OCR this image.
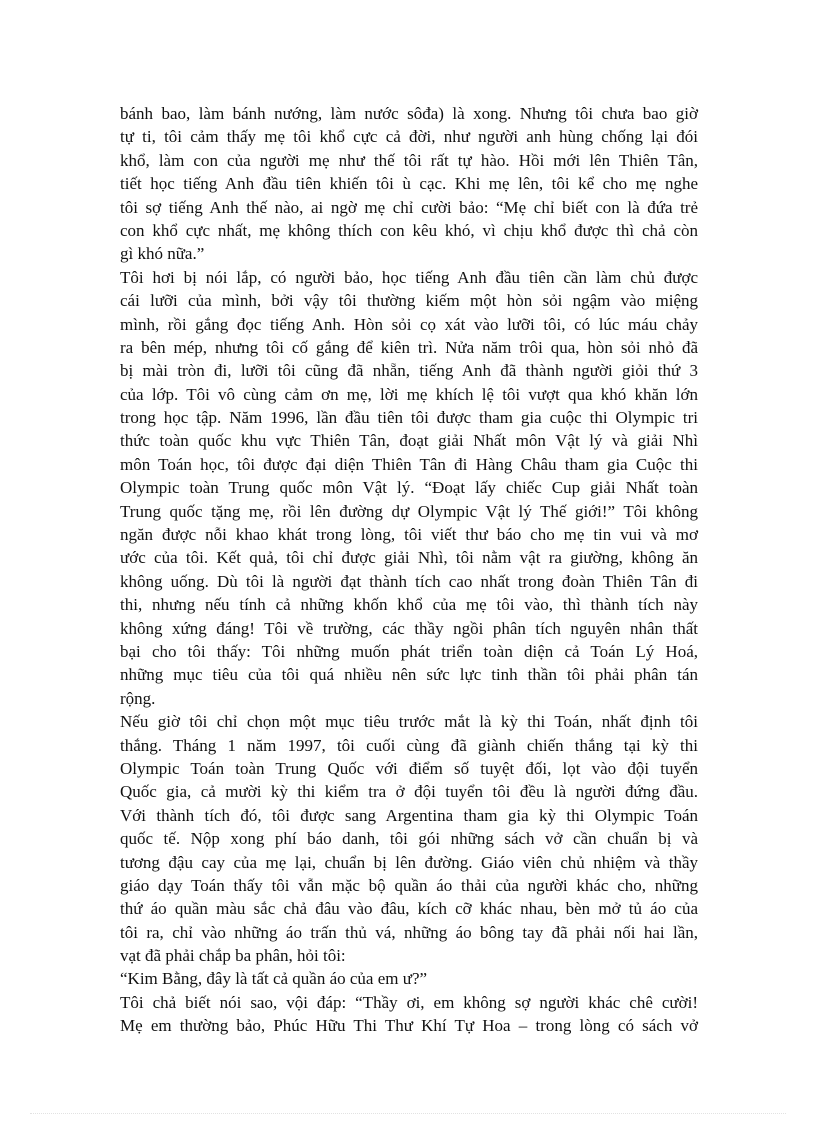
bánh bao, làm bánh nướng, làm nước sôđa) là xong. Nhưng tôi chưa bao giờ
tự ti, tôi cảm thấy mẹ tôi khổ cực cả đời, như người anh hùng chống lại đói
khổ, làm con của người mẹ như thế tôi rất tự hào. Hồi mới lên Thiên Tân,
tiết học tiếng Anh đầu tiên khiến tôi ù cạc. Khi mẹ lên, tôi kể cho mẹ nghe
tôi sợ tiếng Anh thế nào, ai ngờ mẹ chỉ cười bảo: “Mẹ chỉ biết con là đứa trẻ
con khổ cực nhất, mẹ không thích con kêu khó, vì chịu khổ được thì chả còn
gì khó nữa.”
Tôi hơi bị nói lắp, có người bảo, học tiếng Anh đầu tiên cần làm chủ được
cái lưỡi của mình, bởi vậy tôi thường kiếm một hòn sỏi ngậm vào miệng
mình, rồi gắng đọc tiếng Anh. Hòn sỏi cọ xát vào lưỡi tôi, có lúc máu chảy
ra bên mép, nhưng tôi cố gắng để kiên trì. Nửa năm trôi qua, hòn sỏi nhỏ đã
bị mài tròn đi, lưỡi tôi cũng đã nhẵn, tiếng Anh đã thành người giỏi thứ 3
của lớp. Tôi vô cùng cảm ơn mẹ, lời mẹ khích lệ tôi vượt qua khó khăn lớn
trong học tập. Năm 1996, lần đầu tiên tôi được tham gia cuộc thi Olympic tri
thức toàn quốc khu vực Thiên Tân, đoạt giải Nhất môn Vật lý và giải Nhì
môn Toán học, tôi được đại diện Thiên Tân đi Hàng Châu tham gia Cuộc thi
Olympic toàn Trung quốc môn Vật lý. “Đoạt lấy chiếc Cup giải Nhất toàn
Trung quốc tặng mẹ, rồi lên đường dự Olympic Vật lý Thế giới!” Tôi không
ngăn được nỗi khao khát trong lòng, tôi viết thư báo cho mẹ tin vui và mơ
ước của tôi. Kết quả, tôi chỉ được giải Nhì, tôi nằm vật ra giường, không ăn
không uống. Dù tôi là người đạt thành tích cao nhất trong đoàn Thiên Tân đi
thi, nhưng nếu tính cả những khốn khổ của mẹ tôi vào, thì thành tích này
không xứng đáng! Tôi về trường, các thầy ngồi phân tích nguyên nhân thất
bại cho tôi thấy: Tôi những muốn phát triển toàn diện cả Toán Lý Hoá,
những mục tiêu của tôi quá nhiều nên sức lực tinh thần tôi phải phân tán
rộng.
Nếu giờ tôi chỉ chọn một mục tiêu trước mắt là kỳ thi Toán, nhất định tôi
thắng. Tháng 1 năm 1997, tôi cuối cùng đã giành chiến thắng tại kỳ thi
Olympic Toán toàn Trung Quốc với điểm số tuyệt đối, lọt vào đội tuyển
Quốc gia, cả mười kỳ thi kiểm tra ở đội tuyển tôi đều là người đứng đầu.
Với thành tích đó, tôi được sang Argentina tham gia kỳ thi Olympic Toán
quốc tế. Nộp xong phí báo danh, tôi gói những sách vở cần chuẩn bị và
tương đậu cay của mẹ lại, chuẩn bị lên đường. Giáo viên chủ nhiệm và thầy
giáo dạy Toán thấy tôi vẫn mặc bộ quần áo thải của người khác cho, những
thứ áo quần màu sắc chả đâu vào đâu, kích cỡ khác nhau, bèn mở tủ áo của
tôi ra, chỉ vào những áo trấn thủ vá, những áo bông tay đã phải nối hai lần,
vạt đã phải chắp ba phân, hỏi tôi:
“Kim Bằng, đây là tất cả quần áo của em ư?”
Tôi chả biết nói sao, vội đáp: “Thầy ơi, em không sợ người khác chê cười!
Mẹ em thường bảo, Phúc Hữu Thi Thư Khí Tự Hoa – trong lòng có sách vở
